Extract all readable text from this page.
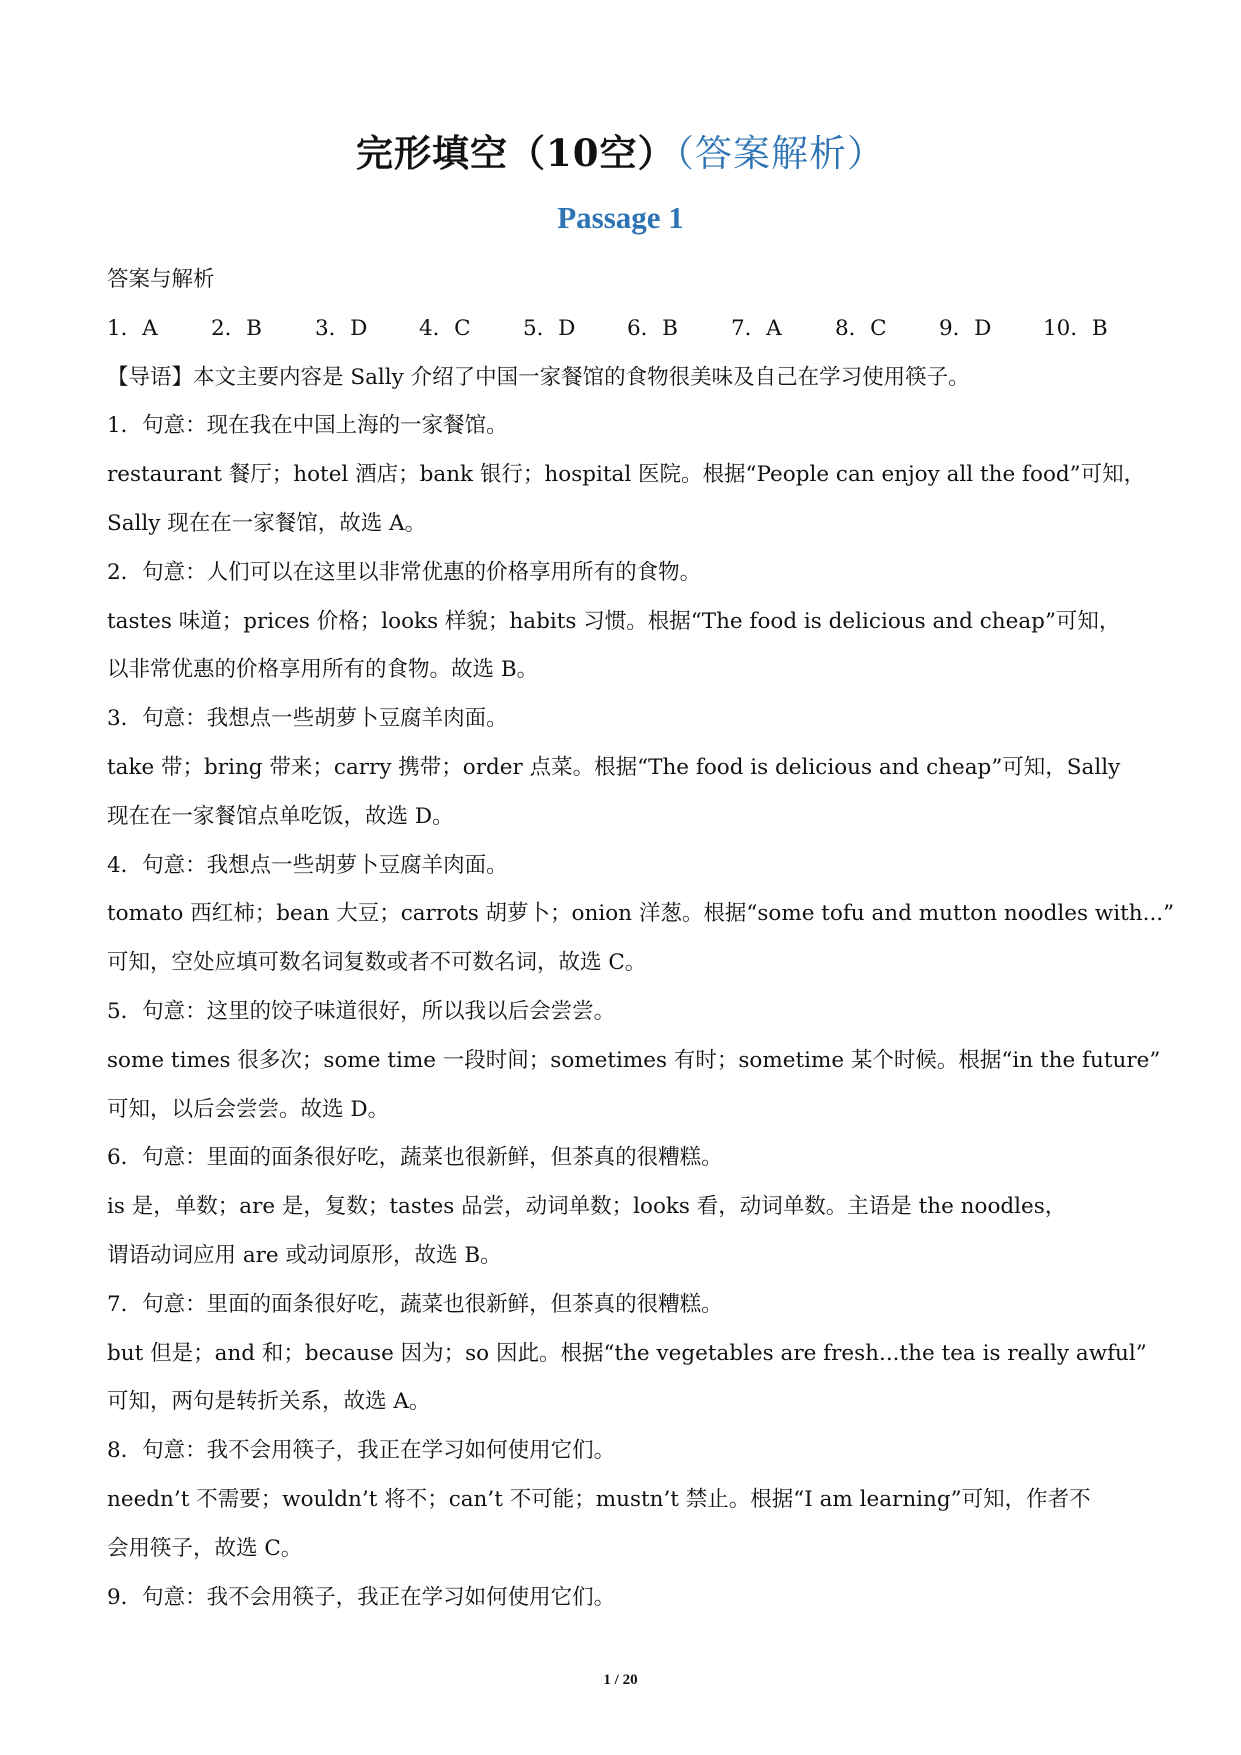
完形填空（10空）（答案解析）
Passage 1
答案与解析
1．A	2．B	3．D	4．C	5．D	6．B	7．A	8．C	9．D	10．B
【导语】本文主要内容是 Sally 介绍了中国一家餐馆的食物很美味及自己在学习使用筷子。
1．句意：现在我在中国上海的一家餐馆。
restaurant 餐厅；hotel 酒店；bank 银行；hospital 医院。根据“People can enjoy all the food”可知，
Sally 现在在一家餐馆，故选 A。
2．句意：人们可以在这里以非常优惠的价格享用所有的食物。
tastes 味道；prices 价格；looks 样貌；habits 习惯。根据“The food is delicious and cheap”可知，
以非常优惠的价格享用所有的食物。故选 B。
3．句意：我想点一些胡萝卜豆腐羊肉面。
take 带；bring 带来；carry 携带；order 点菜。根据“The food is delicious and cheap”可知，Sally
现在在一家餐馆点单吃饭，故选 D。
4．句意：我想点一些胡萝卜豆腐羊肉面。
tomato 西红柿；bean 大豆；carrots 胡萝卜；onion 洋葱。根据“some tofu and mutton noodles with...”
可知，空处应填可数名词复数或者不可数名词，故选 C。
5．句意：这里的饺子味道很好，所以我以后会尝尝。
some times 很多次；some time 一段时间；sometimes 有时；sometime 某个时候。根据“in the future”
可知，以后会尝尝。故选 D。
6．句意：里面的面条很好吃，蔬菜也很新鲜，但茶真的很糟糕。
is 是，单数；are 是，复数；tastes 品尝，动词单数；looks 看，动词单数。主语是 the noodles，
谓语动词应用 are 或动词原形，故选 B。
7．句意：里面的面条很好吃，蔬菜也很新鲜，但茶真的很糟糕。
but 但是；and 和；because 因为；so 因此。根据“the vegetables are fresh...the tea is really awful”
可知，两句是转折关系，故选 A。
8．句意：我不会用筷子，我正在学习如何使用它们。
needn’t 不需要；wouldn’t 将不；can’t 不可能；mustn’t 禁止。根据“I am learning”可知，作者不
会用筷子，故选 C。
9．句意：我不会用筷子，我正在学习如何使用它们。
1 / 20
